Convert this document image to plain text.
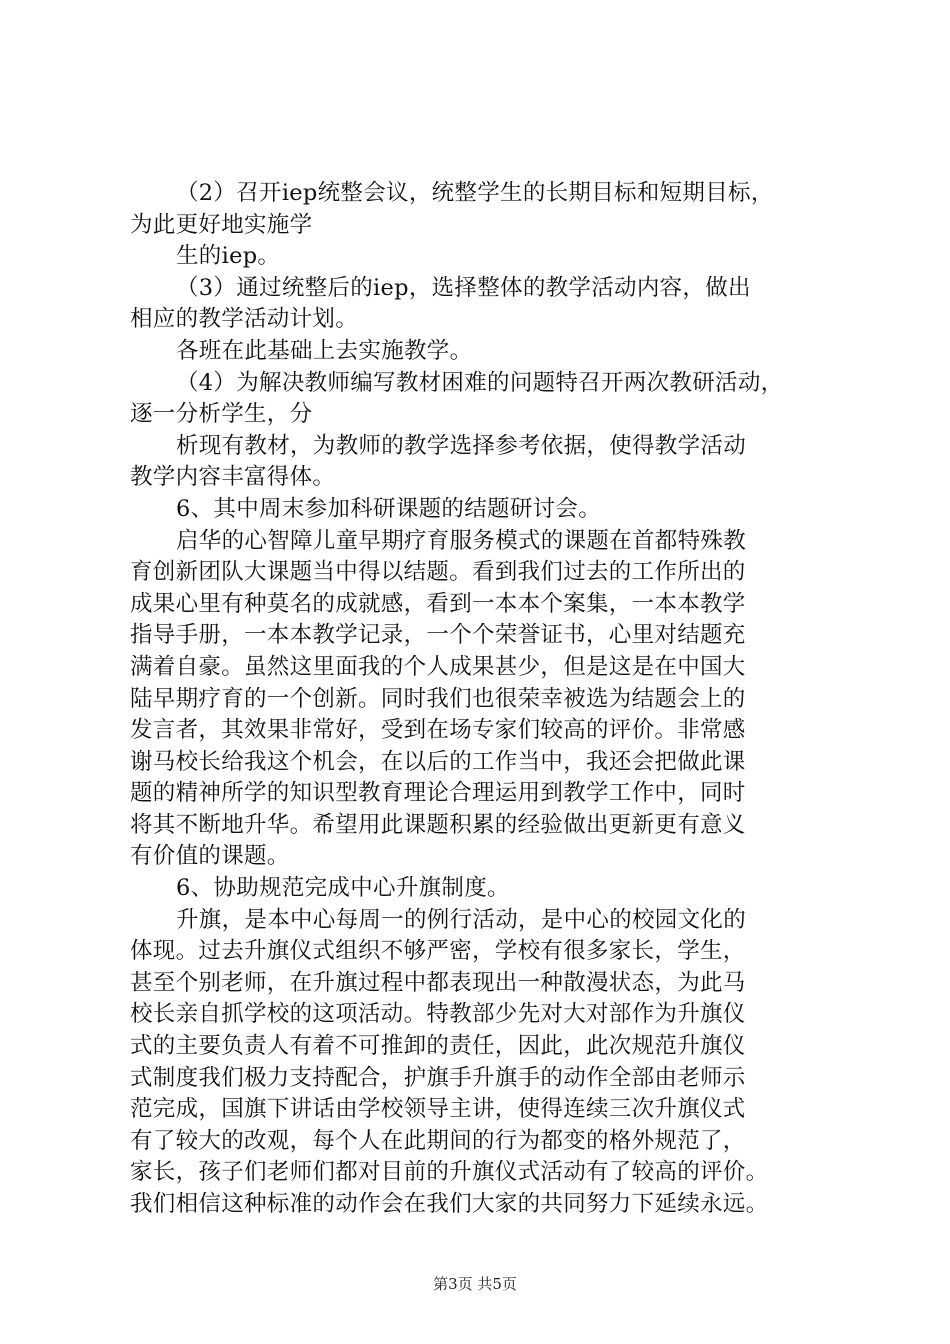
（2）召开iep统整会议，统整学生的长期目标和短期目标，
为此更好地实施学
生的iep。
（3）通过统整后的iep，选择整体的教学活动内容，做出
相应的教学活动计划。
各班在此基础上去实施教学。
（4）为解决教师编写教材困难的问题特召开两次教研活动，
逐一分析学生，分
析现有教材，为教师的教学选择参考依据，使得教学活动
教学内容丰富得体。
6、其中周末参加科研课题的结题研讨会。
启华的心智障儿童早期疗育服务模式的课题在首都特殊教
育创新团队大课题当中得以结题。看到我们过去的工作所出的
成果心里有种莫名的成就感，看到一本本个案集，一本本教学
指导手册，一本本教学记录，一个个荣誉证书，心里对结题充
满着自豪。虽然这里面我的个人成果甚少，但是这是在中国大
陆早期疗育的一个创新。同时我们也很荣幸被选为结题会上的
发言者，其效果非常好，受到在场专家们较高的评价。非常感
谢马校长给我这个机会，在以后的工作当中，我还会把做此课
题的精神所学的知识型教育理论合理运用到教学工作中，同时
将其不断地升华。希望用此课题积累的经验做出更新更有意义
有价值的课题。
6、协助规范完成中心升旗制度。
升旗，是本中心每周一的例行活动，是中心的校园文化的
体现。过去升旗仪式组织不够严密，学校有很多家长，学生，
甚至个别老师，在升旗过程中都表现出一种散漫状态，为此马
校长亲自抓学校的这项活动。特教部少先对大对部作为升旗仪
式的主要负责人有着不可推卸的责任，因此，此次规范升旗仪
式制度我们极力支持配合，护旗手升旗手的动作全部由老师示
范完成，国旗下讲话由学校领导主讲，使得连续三次升旗仪式
有了较大的改观，每个人在此期间的行为都变的格外规范了，
家长，孩子们老师们都对目前的升旗仪式活动有了较高的评价。
我们相信这种标准的动作会在我们大家的共同努力下延续永远。
第3页 共5页
